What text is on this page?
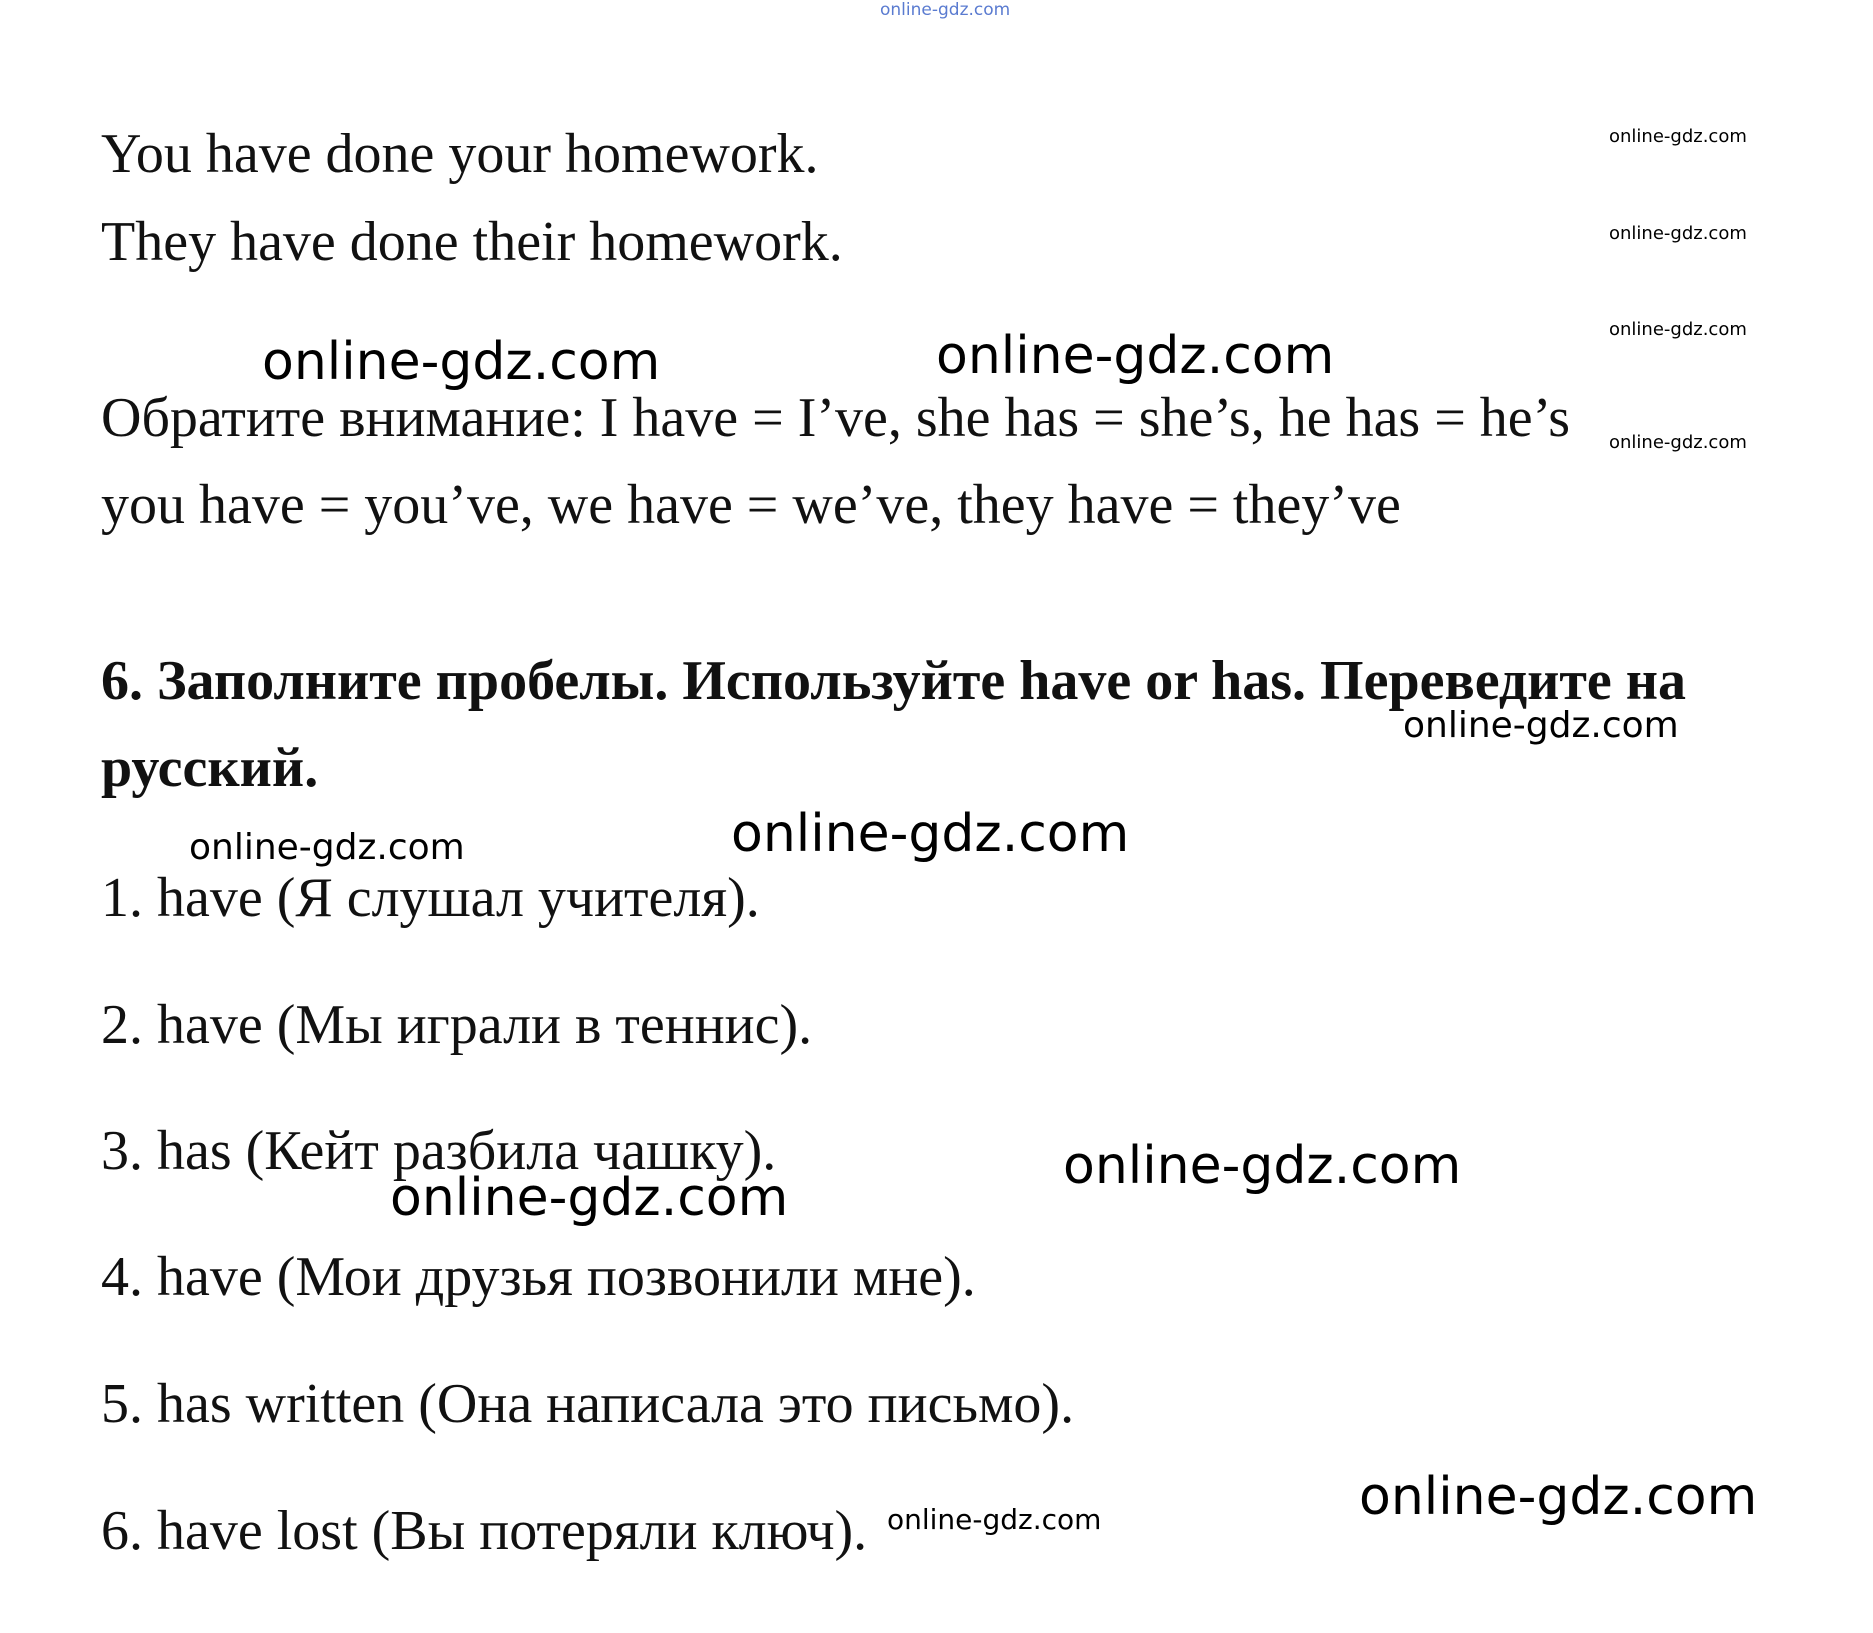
online-gdz.com
You have done your homework.
They have done their homework.
Обратите внимание: I have = I’ve, she has = she’s, he has = he’s
you have = you’ve, we have = we’ve, they have = they’ve
6. Заполните пробелы. Используйте have or has. Переведите на
русский.
1. have (Я слушал учителя).
2. have (Мы играли в теннис).
3. has (Кейт разбила чашку).
4. have (Мои друзья позвонили мне).
5. has written (Она написала это письмо).
6. have lost (Вы потеряли ключ).
online-gdz.com
online-gdz.com
online-gdz.com
online-gdz.com
online-gdz.com	online-gdz.com
online-gdz.com
online-gdz.com
online-gdz.com
online-gdz.com
online-gdz.com
online-gdz.com
online-gdz.com
